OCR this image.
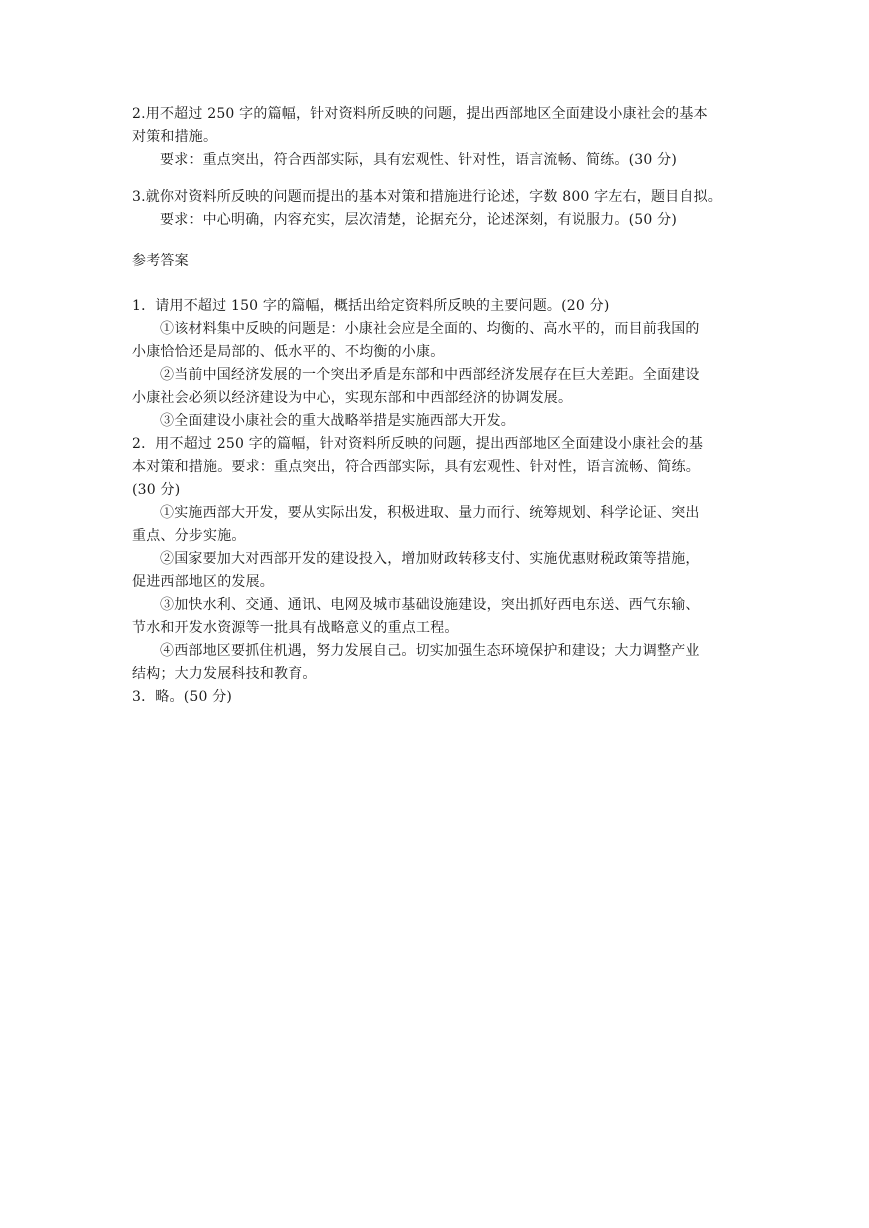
2.用不超过 250 字的篇幅，针对资料所反映的问题，提出西部地区全面建设小康社会的基本
对策和措施。
要求：重点突出，符合西部实际，具有宏观性、针对性，语言流畅、简练。(30 分)
3.就你对资料所反映的问题而提出的基本对策和措施进行论述，字数 800 字左右，题目自拟。
要求：中心明确，内容充实，层次清楚，论据充分，论述深刻，有说服力。(50 分)
参考答案
1．请用不超过 150 字的篇幅，概括出给定资料所反映的主要问题。(20 分)
①该材料集中反映的问题是：小康社会应是全面的、均衡的、高水平的，而目前我国的
小康恰恰还是局部的、低水平的、不均衡的小康。
②当前中国经济发展的一个突出矛盾是东部和中西部经济发展存在巨大差距。全面建设
小康社会必须以经济建设为中心，实现东部和中西部经济的协调发展。
③全面建设小康社会的重大战略举措是实施西部大开发。
2．用不超过 250 字的篇幅，针对资料所反映的问题，提出西部地区全面建设小康社会的基
本对策和措施。要求：重点突出，符合西部实际，具有宏观性、针对性，语言流畅、简练。
(30 分)
①实施西部大开发，要从实际出发，积极进取、量力而行、统筹规划、科学论证、突出
重点、分步实施。
②国家要加大对西部开发的建设投入，增加财政转移支付、实施优惠财税政策等措施，
促进西部地区的发展。
③加快水利、交通、通讯、电网及城市基础设施建设，突出抓好西电东送、西气东输、
节水和开发水资源等一批具有战略意义的重点工程。
④西部地区要抓住机遇，努力发展自己。切实加强生态环境保护和建设；大力调整产业
结构；大力发展科技和教育。
3．略。(50 分)
